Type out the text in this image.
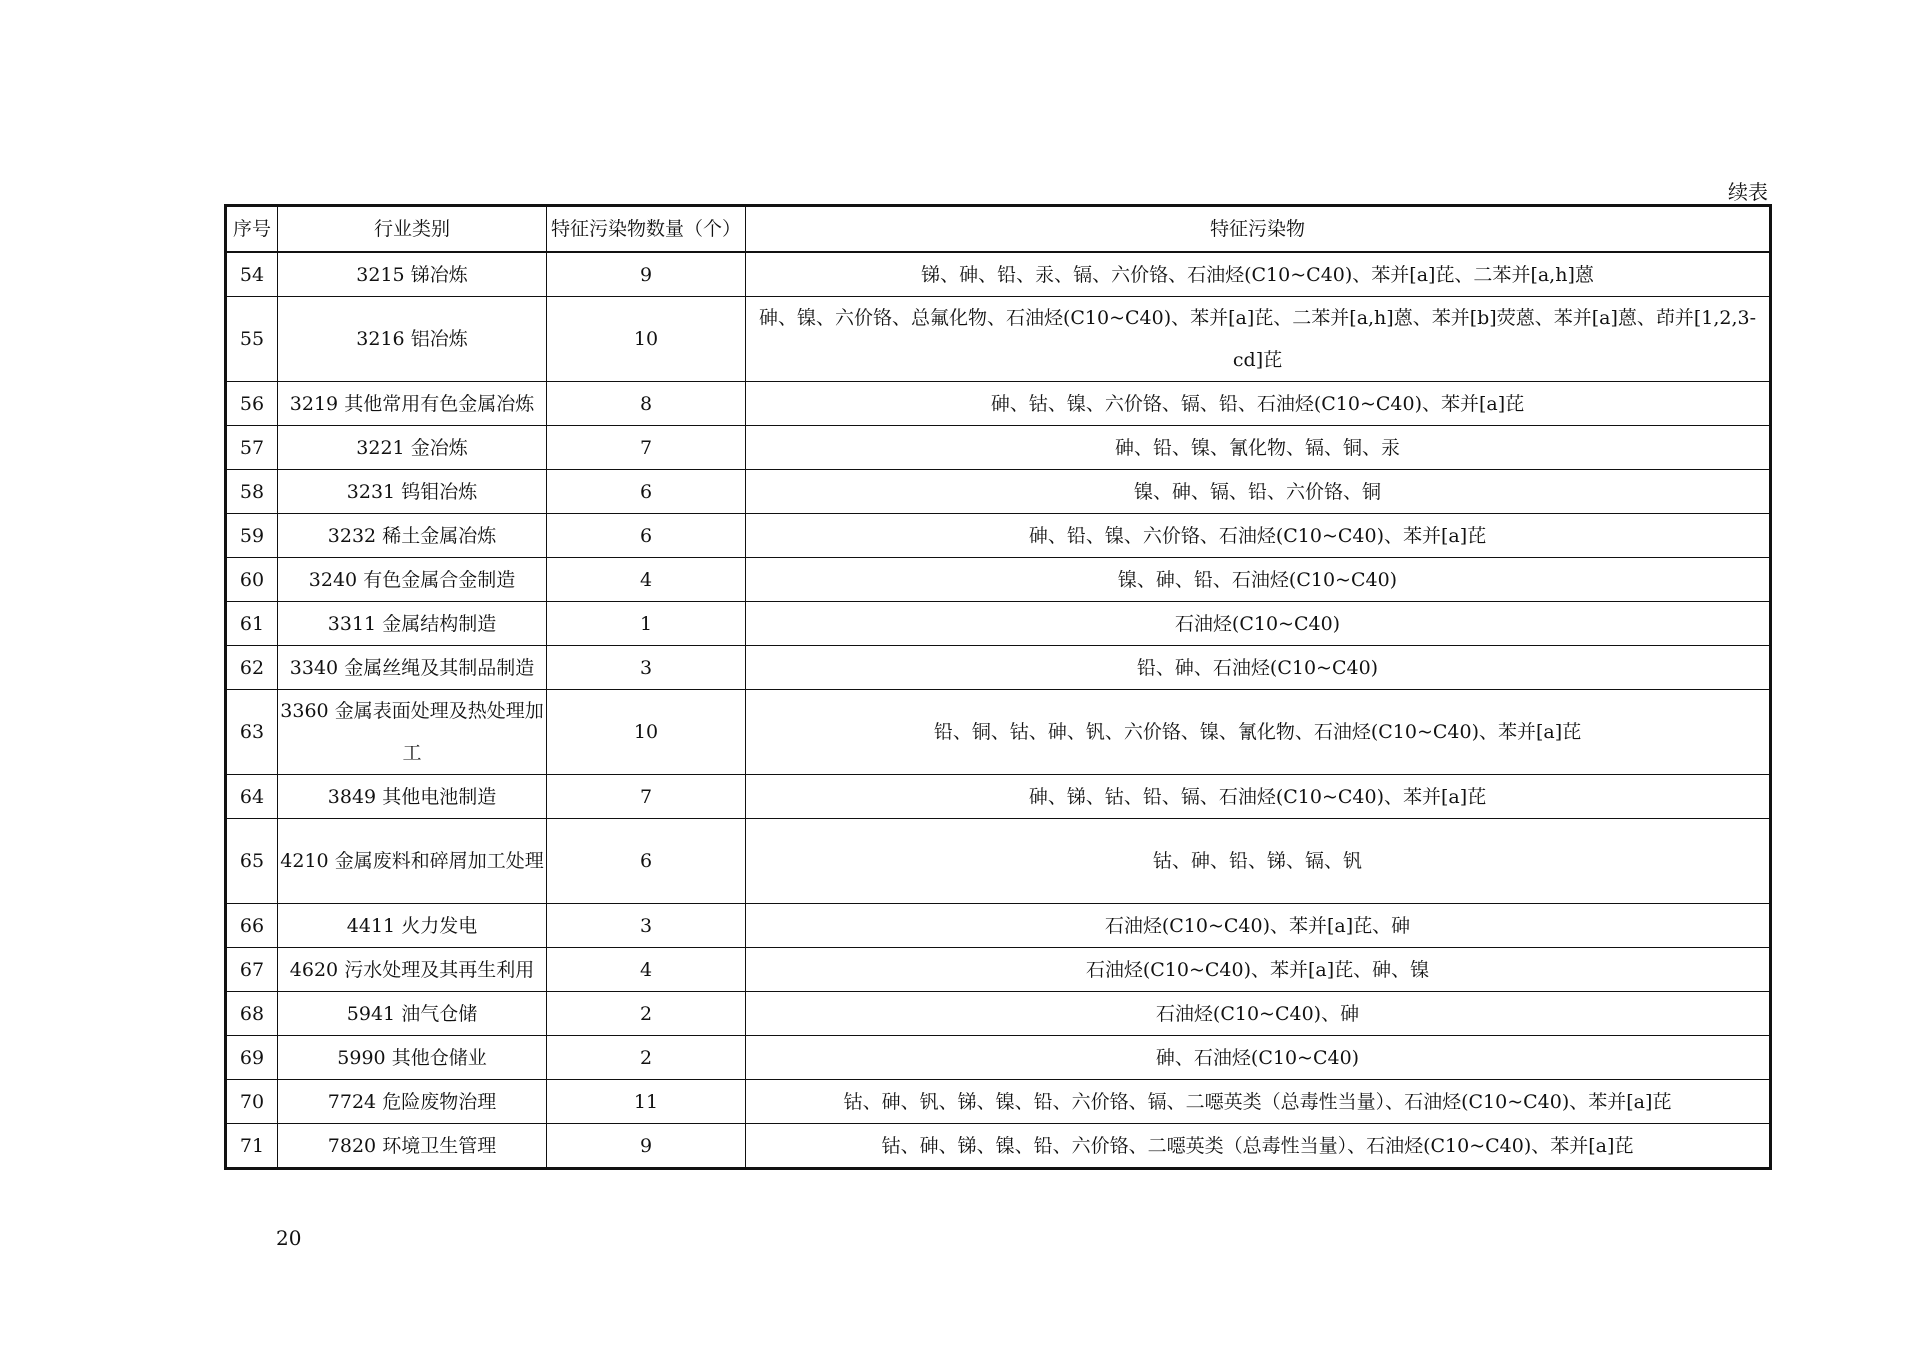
续表
序号	行业类别	特征污染物数量（个）	特征污染物
54	3215 锑冶炼	9	锑、砷、铅、汞、镉、六价铬、石油烃(C10~C40)、苯并[a]芘、二苯并[a,h]蒽
55	3216 铝冶炼	10	砷、镍、六价铬、总氟化物、石油烃(C10~C40)、苯并[a]芘、二苯并[a,h]蒽、苯并[b]荧蒽、苯并[a]蒽、茚并[1,2,3-cd]芘
56	3219 其他常用有色金属冶炼	8	砷、钴、镍、六价铬、镉、铅、石油烃(C10~C40)、苯并[a]芘
57	3221 金冶炼	7	砷、铅、镍、氰化物、镉、铜、汞
58	3231 钨钼冶炼	6	镍、砷、镉、铅、六价铬、铜
59	3232 稀土金属冶炼	6	砷、铅、镍、六价铬、石油烃(C10~C40)、苯并[a]芘
60	3240 有色金属合金制造	4	镍、砷、铅、石油烃(C10~C40)
61	3311 金属结构制造	1	石油烃(C10~C40)
62	3340 金属丝绳及其制品制造	3	铅、砷、石油烃(C10~C40)
63	3360 金属表面处理及热处理加工	10	铅、铜、钴、砷、钒、六价铬、镍、氰化物、石油烃(C10~C40)、苯并[a]芘
64	3849 其他电池制造	7	砷、锑、钴、铅、镉、石油烃(C10~C40)、苯并[a]芘
65	4210 金属废料和碎屑加工处理	6	钴、砷、铅、锑、镉、钒
66	4411 火力发电	3	石油烃(C10~C40)、苯并[a]芘、砷
67	4620 污水处理及其再生利用	4	石油烃(C10~C40)、苯并[a]芘、砷、镍
68	5941 油气仓储	2	石油烃(C10~C40)、砷
69	5990 其他仓储业	2	砷、石油烃(C10~C40)
70	7724 危险废物治理	11	钴、砷、钒、锑、镍、铅、六价铬、镉、二噁英类（总毒性当量）、石油烃(C10~C40)、苯并[a]芘
71	7820 环境卫生管理	9	钴、砷、锑、镍、铅、六价铬、二噁英类（总毒性当量）、石油烃(C10~C40)、苯并[a]芘
20
